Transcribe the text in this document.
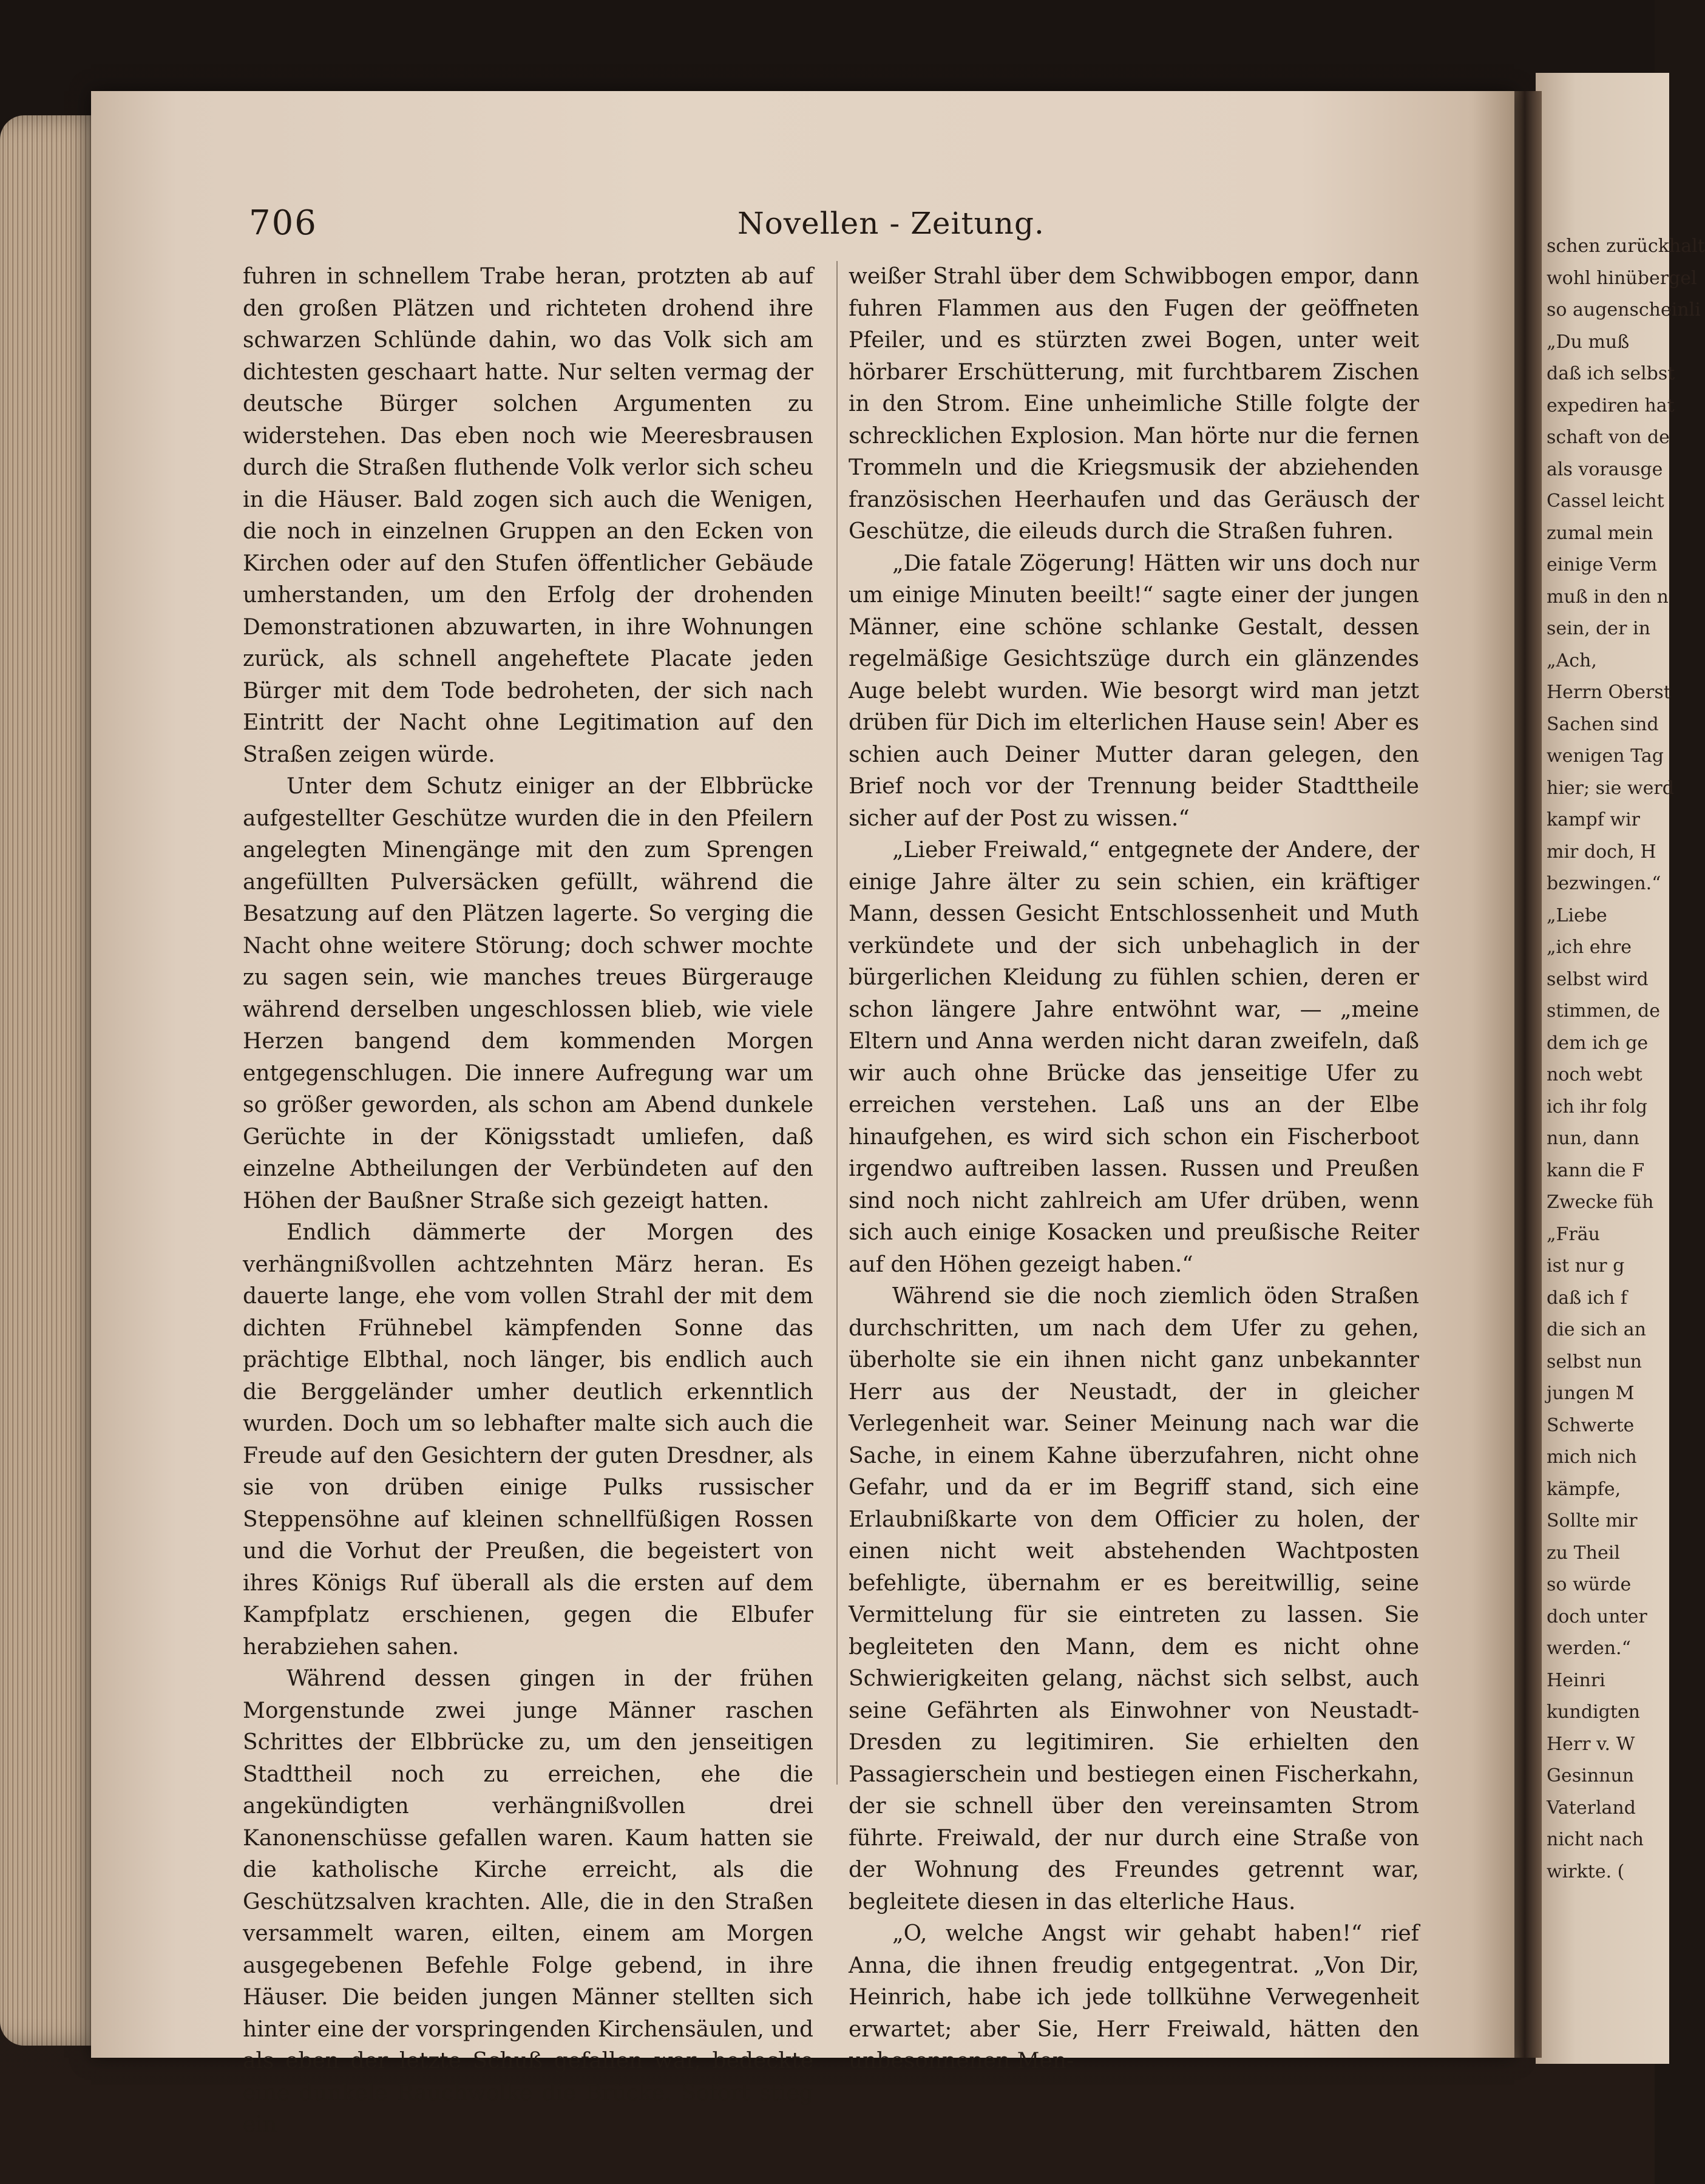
706	Novellen - Zeitung.

fuhren in schnellem Trabe heran, protzten ab auf den großen Plätzen und richteten drohend ihre schwarzen Schlünde dahin, wo das Volk sich am dichtesten geschaart hatte. Nur selten vermag der deutsche Bürger solchen Argumenten zu widerstehen. Das eben noch wie Meeresbrausen durch die Straßen fluthende Volk verlor sich scheu in die Häuser. Bald zogen sich auch die Wenigen, die noch in einzelnen Gruppen an den Ecken von Kirchen oder auf den Stufen öffentlicher Gebäude umherstanden, um den Erfolg der drohenden Demonstrationen abzuwarten, in ihre Wohnungen zurück, als schnell angeheftete Placate jeden Bürger mit dem Tode bedroheten, der sich nach Eintritt der Nacht ohne Legitimation auf den Straßen zeigen würde.

Unter dem Schutz einiger an der Elbbrücke aufgestellter Geschütze wurden die in den Pfeilern angelegten Minengänge mit den zum Sprengen angefüllten Pulversäcken gefüllt, während die Besatzung auf den Plätzen lagerte. So verging die Nacht ohne weitere Störung; doch schwer mochte zu sagen sein, wie manches treues Bürgerauge während derselben ungeschlossen blieb, wie viele Herzen bangend dem kommenden Morgen entgegenschlugen. Die innere Aufregung war um so größer geworden, als schon am Abend dunkele Gerüchte in der Königsstadt umliefen, daß einzelne Abtheilungen der Verbündeten auf den Höhen der Baußner Straße sich gezeigt hatten.

Endlich dämmerte der Morgen des verhängnißvollen achtzehnten März heran. Es dauerte lange, ehe vom vollen Strahl der mit dem dichten Frühnebel kämpfenden Sonne das prächtige Elbthal, noch länger, bis endlich auch die Berggeländer umher deutlich erkenntlich wurden. Doch um so lebhafter malte sich auch die Freude auf den Gesichtern der guten Dresdner, als sie von drüben einige Pulks russischer Steppensöhne auf kleinen schnellfüßigen Rossen und die Vorhut der Preußen, die begeistert von ihres Königs Ruf überall als die ersten auf dem Kampfplatz erschienen, gegen die Elbufer herabziehen sahen.

Während dessen gingen in der frühen Morgenstunde zwei junge Männer raschen Schrittes der Elbbrücke zu, um den jenseitigen Stadttheil noch zu erreichen, ehe die angekündigten verhängnißvollen drei Kanonenschüsse gefallen waren. Kaum hatten sie die katholische Kirche erreicht, als die Geschützsalven krachten. Alle, die in den Straßen versammelt waren, eilten, einem am Morgen ausgegebenen Befehle Folge gebend, in ihre Häuser. Die beiden jungen Männer stellten sich hinter eine der vorspringenden Kirchensäulen, und als eben der letzte Schuß gefallen war, bedeckte eine dunkele Rauchwolke die Brücke. Sofort stieg ein

weißer Strahl über dem Schwibbogen empor, dann fuhren Flammen aus den Fugen der geöffneten Pfeiler, und es stürzten zwei Bogen, unter weit hörbarer Erschütterung, mit furchtbarem Zischen in den Strom. Eine unheimliche Stille folgte der schrecklichen Explosion. Man hörte nur die fernen Trommeln und die Kriegsmusik der abziehenden französischen Heerhaufen und das Geräusch der Geschütze, die eileuds durch die Straßen fuhren.

„Die fatale Zögerung! Hätten wir uns doch nur um einige Minuten beeilt!“ sagte einer der jungen Männer, eine schöne schlanke Gestalt, dessen regelmäßige Gesichtszüge durch ein glänzendes Auge belebt wurden. Wie besorgt wird man jetzt drüben für Dich im elterlichen Hause sein! Aber es schien auch Deiner Mutter daran gelegen, den Brief noch vor der Trennung beider Stadttheile sicher auf der Post zu wissen.“

„Lieber Freiwald,“ entgegnete der Andere, der einige Jahre älter zu sein schien, ein kräftiger Mann, dessen Gesicht Entschlossenheit und Muth verkündete und der sich unbehaglich in der bürgerlichen Kleidung zu fühlen schien, deren er schon längere Jahre entwöhnt war, — „meine Eltern und Anna werden nicht daran zweifeln, daß wir auch ohne Brücke das jenseitige Ufer zu erreichen verstehen. Laß uns an der Elbe hinaufgehen, es wird sich schon ein Fischerboot irgendwo auftreiben lassen. Russen und Preußen sind noch nicht zahlreich am Ufer drüben, wenn sich auch einige Kosacken und preußische Reiter auf den Höhen gezeigt haben.“

Während sie die noch ziemlich öden Straßen durchschritten, um nach dem Ufer zu gehen, überholte sie ein ihnen nicht ganz unbekannter Herr aus der Neustadt, der in gleicher Verlegenheit war. Seiner Meinung nach war die Sache, in einem Kahne überzufahren, nicht ohne Gefahr, und da er im Begriff stand, sich eine Erlaubnißkarte von dem Officier zu holen, der einen nicht weit abstehenden Wachtposten befehligte, übernahm er es bereitwillig, seine Vermittelung für sie eintreten zu lassen. Sie begleiteten den Mann, dem es nicht ohne Schwierigkeiten gelang, nächst sich selbst, auch seine Gefährten als Einwohner von Neustadt-Dresden zu legitimiren. Sie erhielten den Passagierschein und bestiegen einen Fischerkahn, der sie schnell über den vereinsamten Strom führte. Freiwald, der nur durch eine Straße von der Wohnung des Freundes getrennt war, begleitete diesen in das elterliche Haus.

„O, welche Angst wir gehabt haben!“ rief Anna, die ihnen freudig entgegentrat. „Von Dir, Heinrich, habe ich jede tollkühne Verwegenheit erwartet; aber Sie, Herr Freiwald, hätten den unbesonnenen Men-

schen zurückhalt
wohl hinübergel
so augenscheinli
„Du muß
daß ich selbst
expediren hat
schaft von de
als vorausge
Cassel leicht
zumal mein
einige Verm
muß in den n
sein, der in
„Ach,
Herrn Oberst
Sachen sind
wenigen Tag
hier; sie werd
kampf wir
mir doch, H
bezwingen.“
„Liebe
„ich ehre
selbst wird
stimmen, de
dem ich ge
noch webt
ich ihr folg
nun, dann
kann die F
Zwecke füh
„Fräu
ist nur g
daß ich f
die sich an
selbst nun
jungen M
Schwerte
mich nich
kämpfe,
Sollte mir
zu Theil
so würde
doch unter
werden.“
Heinri
kundigten
Herr v. W
Gesinnun
Vaterland
nicht nach
wirkte. (
